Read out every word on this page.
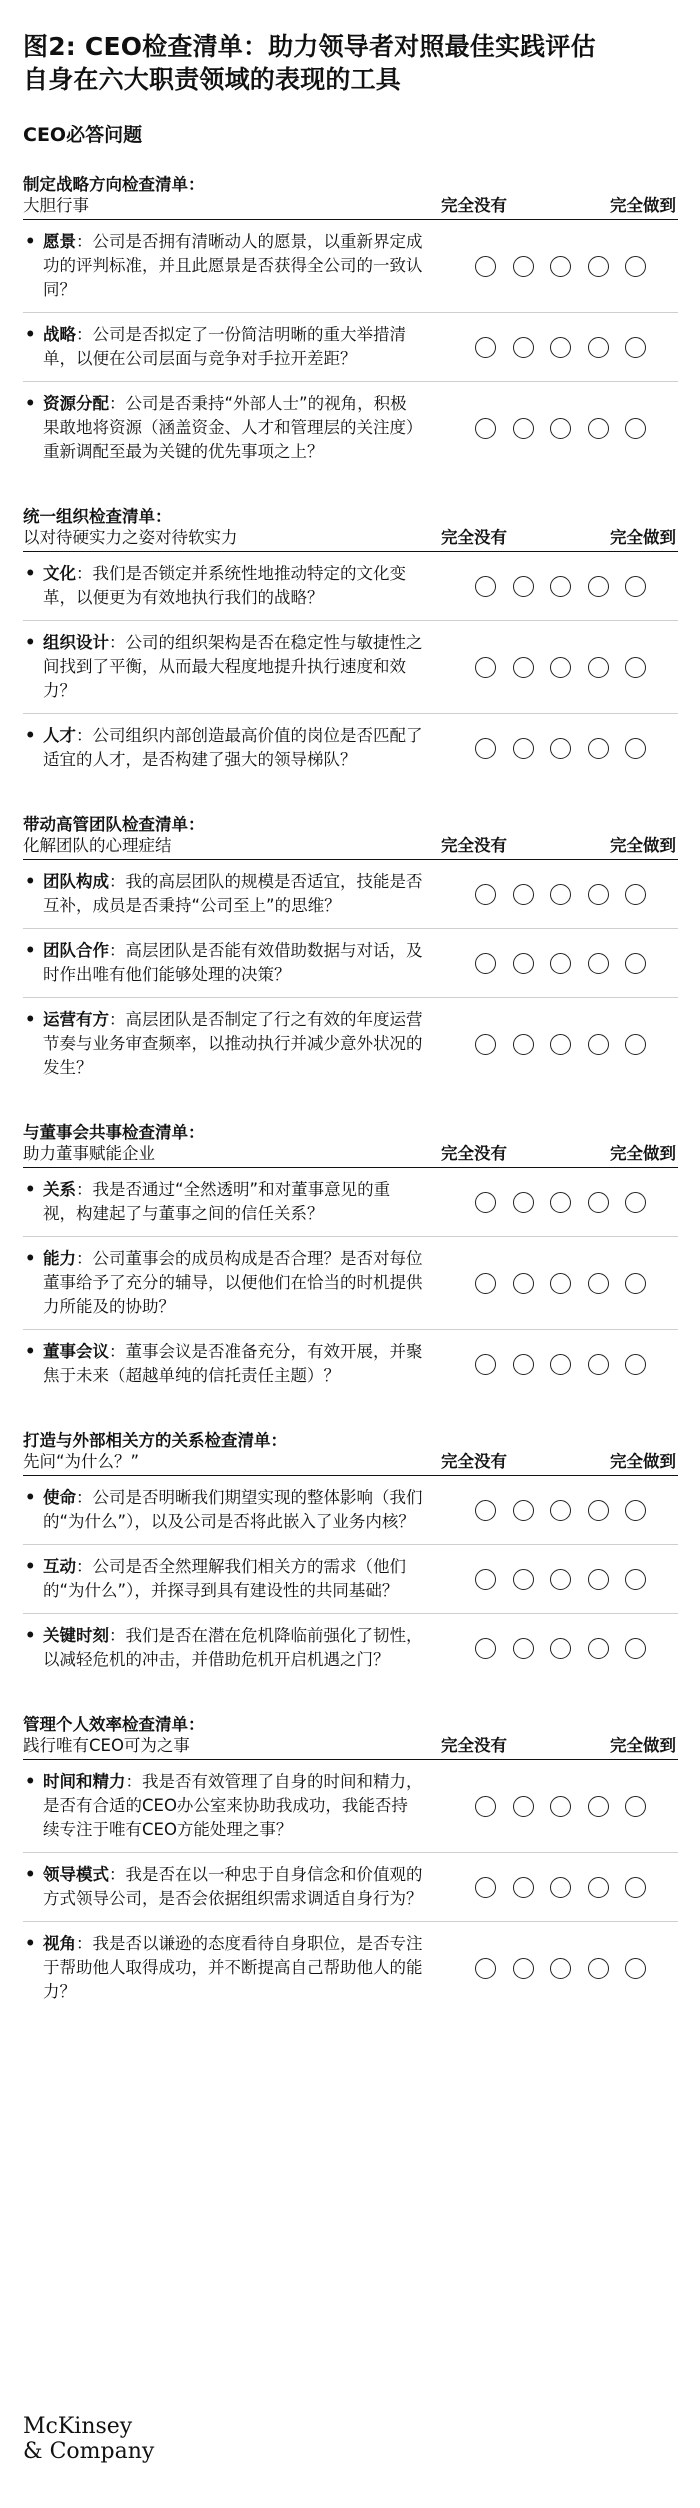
图2: CEO检查清单：助力领导者对照最佳实践评估
自身在六大职责领域的表现的工具
CEO必答问题
制定战略方向检查清单：
大胆行事	完全没有	完全做到
• 愿景：公司是否拥有清晰动人的愿景，以重新界定成功的评判标准，并且此愿景是否获得全公司的一致认同？
• 战略：公司是否拟定了一份简洁明晰的重大举措清单，以便在公司层面与竞争对手拉开差距？
• 资源分配：公司是否秉持“外部人士”的视角，积极果敢地将资源（涵盖资金、人才和管理层的关注度）重新调配至最为关键的优先事项之上？
统一组织检查清单：
以对待硬实力之姿对待软实力	完全没有	完全做到
• 文化：我们是否锁定并系统性地推动特定的文化变革，以便更为有效地执行我们的战略？
• 组织设计：公司的组织架构是否在稳定性与敏捷性之间找到了平衡，从而最大程度地提升执行速度和效力？
• 人才：公司组织内部创造最高价值的岗位是否匹配了适宜的人才，是否构建了强大的领导梯队？
带动高管团队检查清单：
化解团队的心理症结	完全没有	完全做到
• 团队构成：我的高层团队的规模是否适宜，技能是否互补，成员是否秉持“公司至上”的思维？
• 团队合作：高层团队是否能有效借助数据与对话，及时作出唯有他们能够处理的决策？
• 运营有方：高层团队是否制定了行之有效的年度运营节奏与业务审查频率，以推动执行并减少意外状况的发生？
与董事会共事检查清单：
助力董事赋能企业	完全没有	完全做到
• 关系：我是否通过“全然透明”和对董事意见的重视，构建起了与董事之间的信任关系？
• 能力：公司董事会的成员构成是否合理？是否对每位董事给予了充分的辅导，以便他们在恰当的时机提供力所能及的协助？
• 董事会议：董事会议是否准备充分，有效开展，并聚焦于未来（超越单纯的信托责任主题）？
打造与外部相关方的关系检查清单：
先问“为什么？”	完全没有	完全做到
• 使命：公司是否明晰我们期望实现的整体影响（我们的“为什么”），以及公司是否将此嵌入了业务内核？
• 互动：公司是否全然理解我们相关方的需求（他们的“为什么”），并探寻到具有建设性的共同基础？
• 关键时刻：我们是否在潜在危机降临前强化了韧性，以减轻危机的冲击，并借助危机开启机遇之门？
管理个人效率检查清单：
践行唯有CEO可为之事	完全没有	完全做到
• 时间和精力：我是否有效管理了自身的时间和精力，是否有合适的CEO办公室来协助我成功，我能否持续专注于唯有CEO方能处理之事？
• 领导模式：我是否在以一种忠于自身信念和价值观的方式领导公司，是否会依据组织需求调适自身行为？
• 视角：我是否以谦逊的态度看待自身职位，是否专注于帮助他人取得成功，并不断提高自己帮助他人的能力？
McKinsey
& Company
